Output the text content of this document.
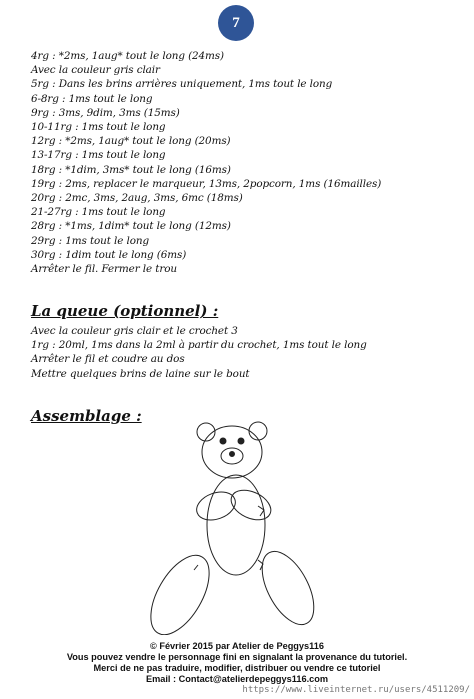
7
4rg : *2ms, 1aug* tout le long (24ms)
Avec la couleur gris clair
5rg : Dans les brins arrières uniquement, 1ms tout le long
6-8rg : 1ms tout le long
9rg : 3ms, 9dim, 3ms (15ms)
10-11rg : 1ms tout le long
12rg : *2ms, 1aug* tout le long (20ms)
13-17rg : 1ms tout le long
18rg : *1dim, 3ms* tout le long (16ms)
19rg : 2ms, replacer le marqueur, 13ms, 2popcorn, 1ms (16mailles)
20rg : 2mc, 3ms, 2aug, 3ms, 6mc (18ms)
21-27rg : 1ms tout le long
28rg : *1ms, 1dim* tout le long (12ms)
29rg : 1ms tout le long
30rg : 1dim tout le long (6ms)
Arrêter le fil. Fermer le trou
La queue (optionnel) :
Avec la couleur gris clair et le crochet 3
1rg : 20ml, 1ms dans la 2ml à partir du crochet, 1ms tout le long
Arrêter le fil et coudre au dos
Mettre quelques brins de laine sur le bout
Assemblage :
© Février 2015 par Atelier de Peggys116
Vous pouvez vendre le personnage fini en signalant la provenance du tutoriel.
Merci de ne pas traduire, modifier, distribuer ou vendre ce tutoriel
Email : Contact@atelierdepeggys116.com
https://www.liveinternet.ru/users/4511209/
